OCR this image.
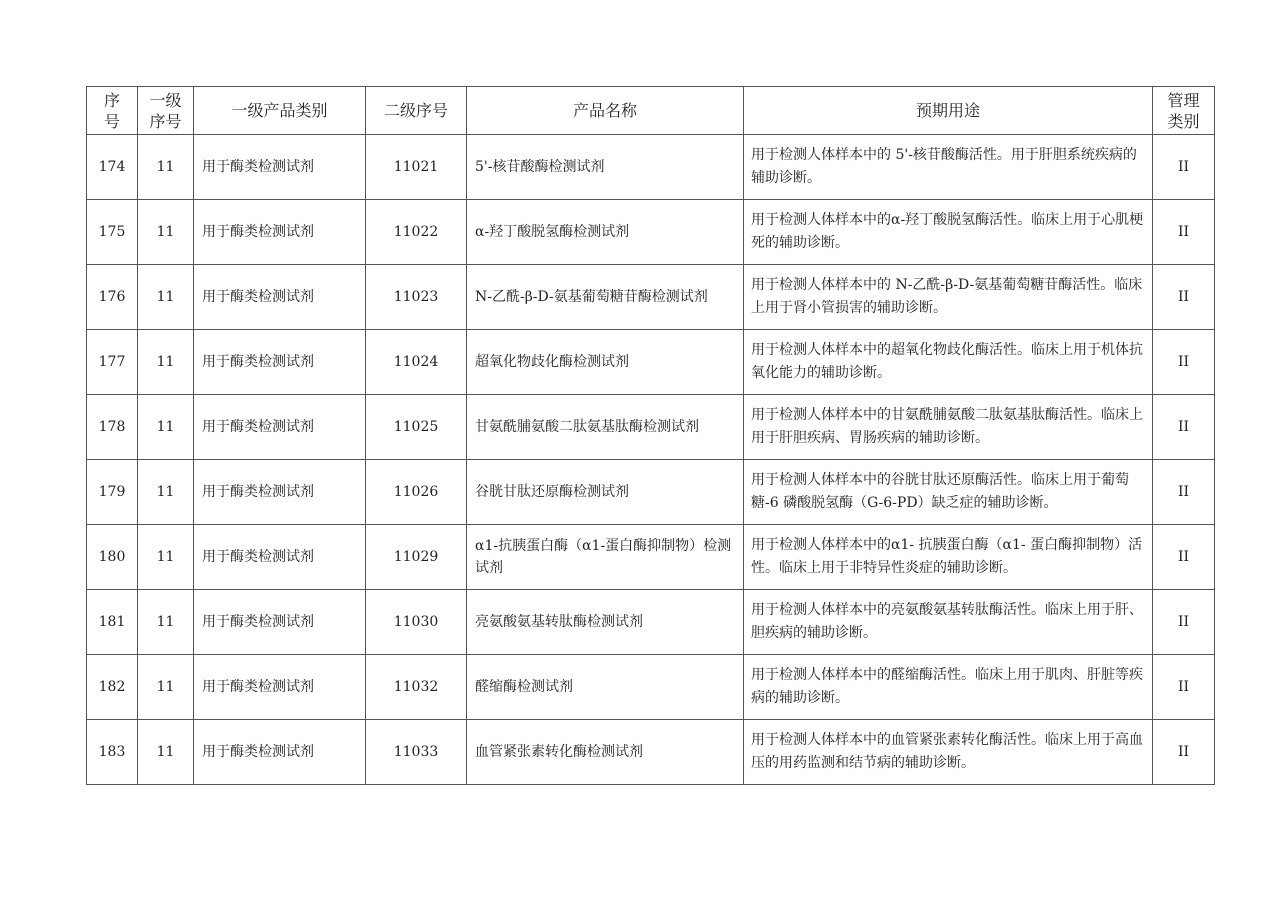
序号	一级序号	一级产品类别	二级序号	产品名称	预期用途	管理类别
174	11	用于酶类检测试剂	11021	5'-核苷酸酶检测试剂	用于检测人体样本中的 5'-核苷酸酶活性。用于肝胆系统疾病的辅助诊断。	II
175	11	用于酶类检测试剂	11022	α-羟丁酸脱氢酶检测试剂	用于检测人体样本中的α-羟丁酸脱氢酶活性。临床上用于心肌梗死的辅助诊断。	II
176	11	用于酶类检测试剂	11023	N-乙酰-β-D-氨基葡萄糖苷酶检测试剂	用于检测人体样本中的 N-乙酰-β-D-氨基葡萄糖苷酶活性。临床上用于肾小管损害的辅助诊断。	II
177	11	用于酶类检测试剂	11024	超氧化物歧化酶检测试剂	用于检测人体样本中的超氧化物歧化酶活性。临床上用于机体抗氧化能力的辅助诊断。	II
178	11	用于酶类检测试剂	11025	甘氨酰脯氨酸二肽氨基肽酶检测试剂	用于检测人体样本中的甘氨酰脯氨酸二肽氨基肽酶活性。临床上用于肝胆疾病、胃肠疾病的辅助诊断。	II
179	11	用于酶类检测试剂	11026	谷胱甘肽还原酶检测试剂	用于检测人体样本中的谷胱甘肽还原酶活性。临床上用于葡萄糖-6 磷酸脱氢酶（G-6-PD）缺乏症的辅助诊断。	II
180	11	用于酶类检测试剂	11029	α1-抗胰蛋白酶（α1-蛋白酶抑制物）检测试剂	用于检测人体样本中的α1- 抗胰蛋白酶（α1- 蛋白酶抑制物）活性。临床上用于非特异性炎症的辅助诊断。	II
181	11	用于酶类检测试剂	11030	亮氨酸氨基转肽酶检测试剂	用于检测人体样本中的亮氨酸氨基转肽酶活性。临床上用于肝、胆疾病的辅助诊断。	II
182	11	用于酶类检测试剂	11032	醛缩酶检测试剂	用于检测人体样本中的醛缩酶活性。临床上用于肌肉、肝脏等疾病的辅助诊断。	II
183	11	用于酶类检测试剂	11033	血管紧张素转化酶检测试剂	用于检测人体样本中的血管紧张素转化酶活性。临床上用于高血压的用药监测和结节病的辅助诊断。	II
